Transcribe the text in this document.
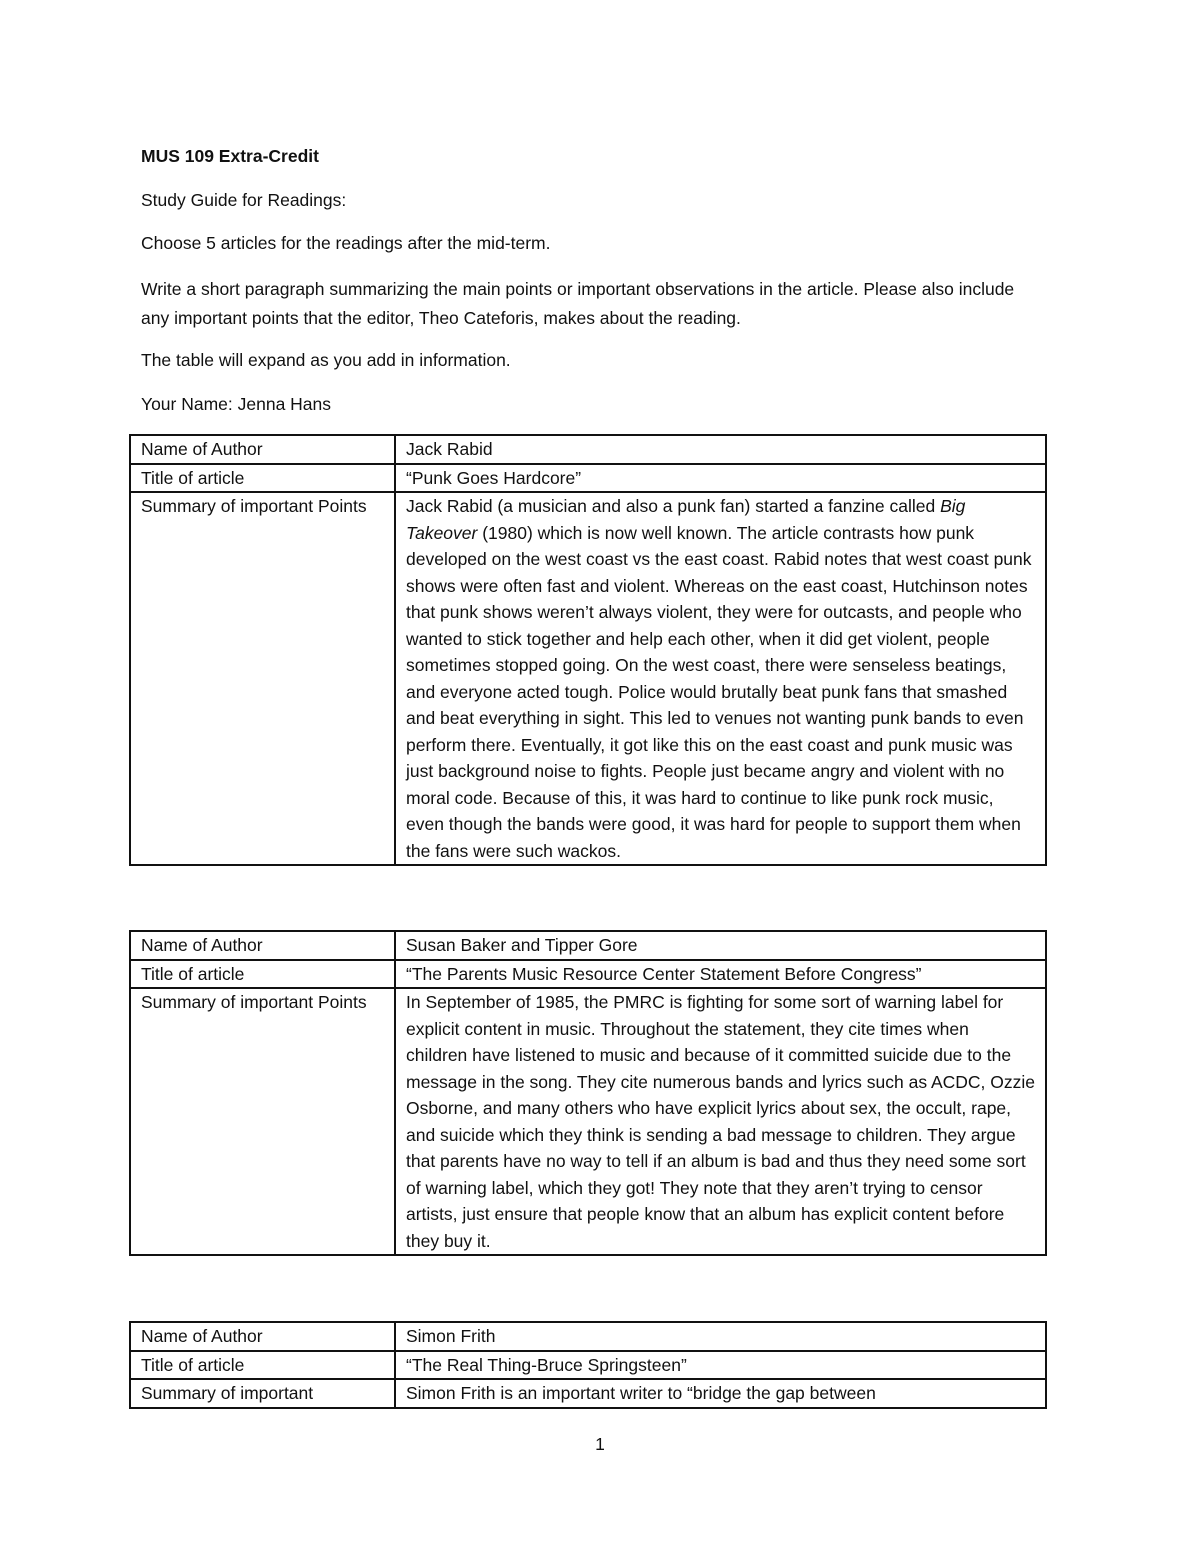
MUS 109 Extra-Credit

Study Guide for Readings:

Choose 5 articles for the readings after the mid-term.

Write a short paragraph summarizing the main points or important observations in the article. Please also include any important points that the editor, Theo Cateforis, makes about the reading.

The table will expand as you add in information.

Your Name: Jenna Hans

Name of Author	Jack Rabid
Title of article	“Punk Goes Hardcore”
Summary of important Points	Jack Rabid (a musician and also a punk fan) started a fanzine called Big Takeover (1980) which is now well known. The article contrasts how punk developed on the west coast vs the east coast. Rabid notes that west coast punk shows were often fast and violent. Whereas on the east coast, Hutchinson notes that punk shows weren’t always violent, they were for outcasts, and people who wanted to stick together and help each other, when it did get violent, people sometimes stopped going. On the west coast, there were senseless beatings, and everyone acted tough. Police would brutally beat punk fans that smashed and beat everything in sight. This led to venues not wanting punk bands to even perform there. Eventually, it got like this on the east coast and punk music was just background noise to fights. People just became angry and violent with no moral code. Because of this, it was hard to continue to like punk rock music, even though the bands were good, it was hard for people to support them when the fans were such wackos.
Name of Author	Susan Baker and Tipper Gore
Title of article	“The Parents Music Resource Center Statement Before Congress”
Summary of important Points	In September of 1985, the PMRC is fighting for some sort of warning label for explicit content in music. Throughout the statement, they cite times when children have listened to music and because of it committed suicide due to the message in the song. They cite numerous bands and lyrics such as ACDC, Ozzie Osborne, and many others who have explicit lyrics about sex, the occult, rape, and suicide which they think is sending a bad message to children. They argue that parents have no way to tell if an album is bad and thus they need some sort of warning label, which they got! They note that they aren’t trying to censor artists, just ensure that people know that an album has explicit content before they buy it.
Name of Author	Simon Frith
Title of article	“The Real Thing-Bruce Springsteen”
Summary of important	Simon Frith is an important writer to “bridge the gap between
1
